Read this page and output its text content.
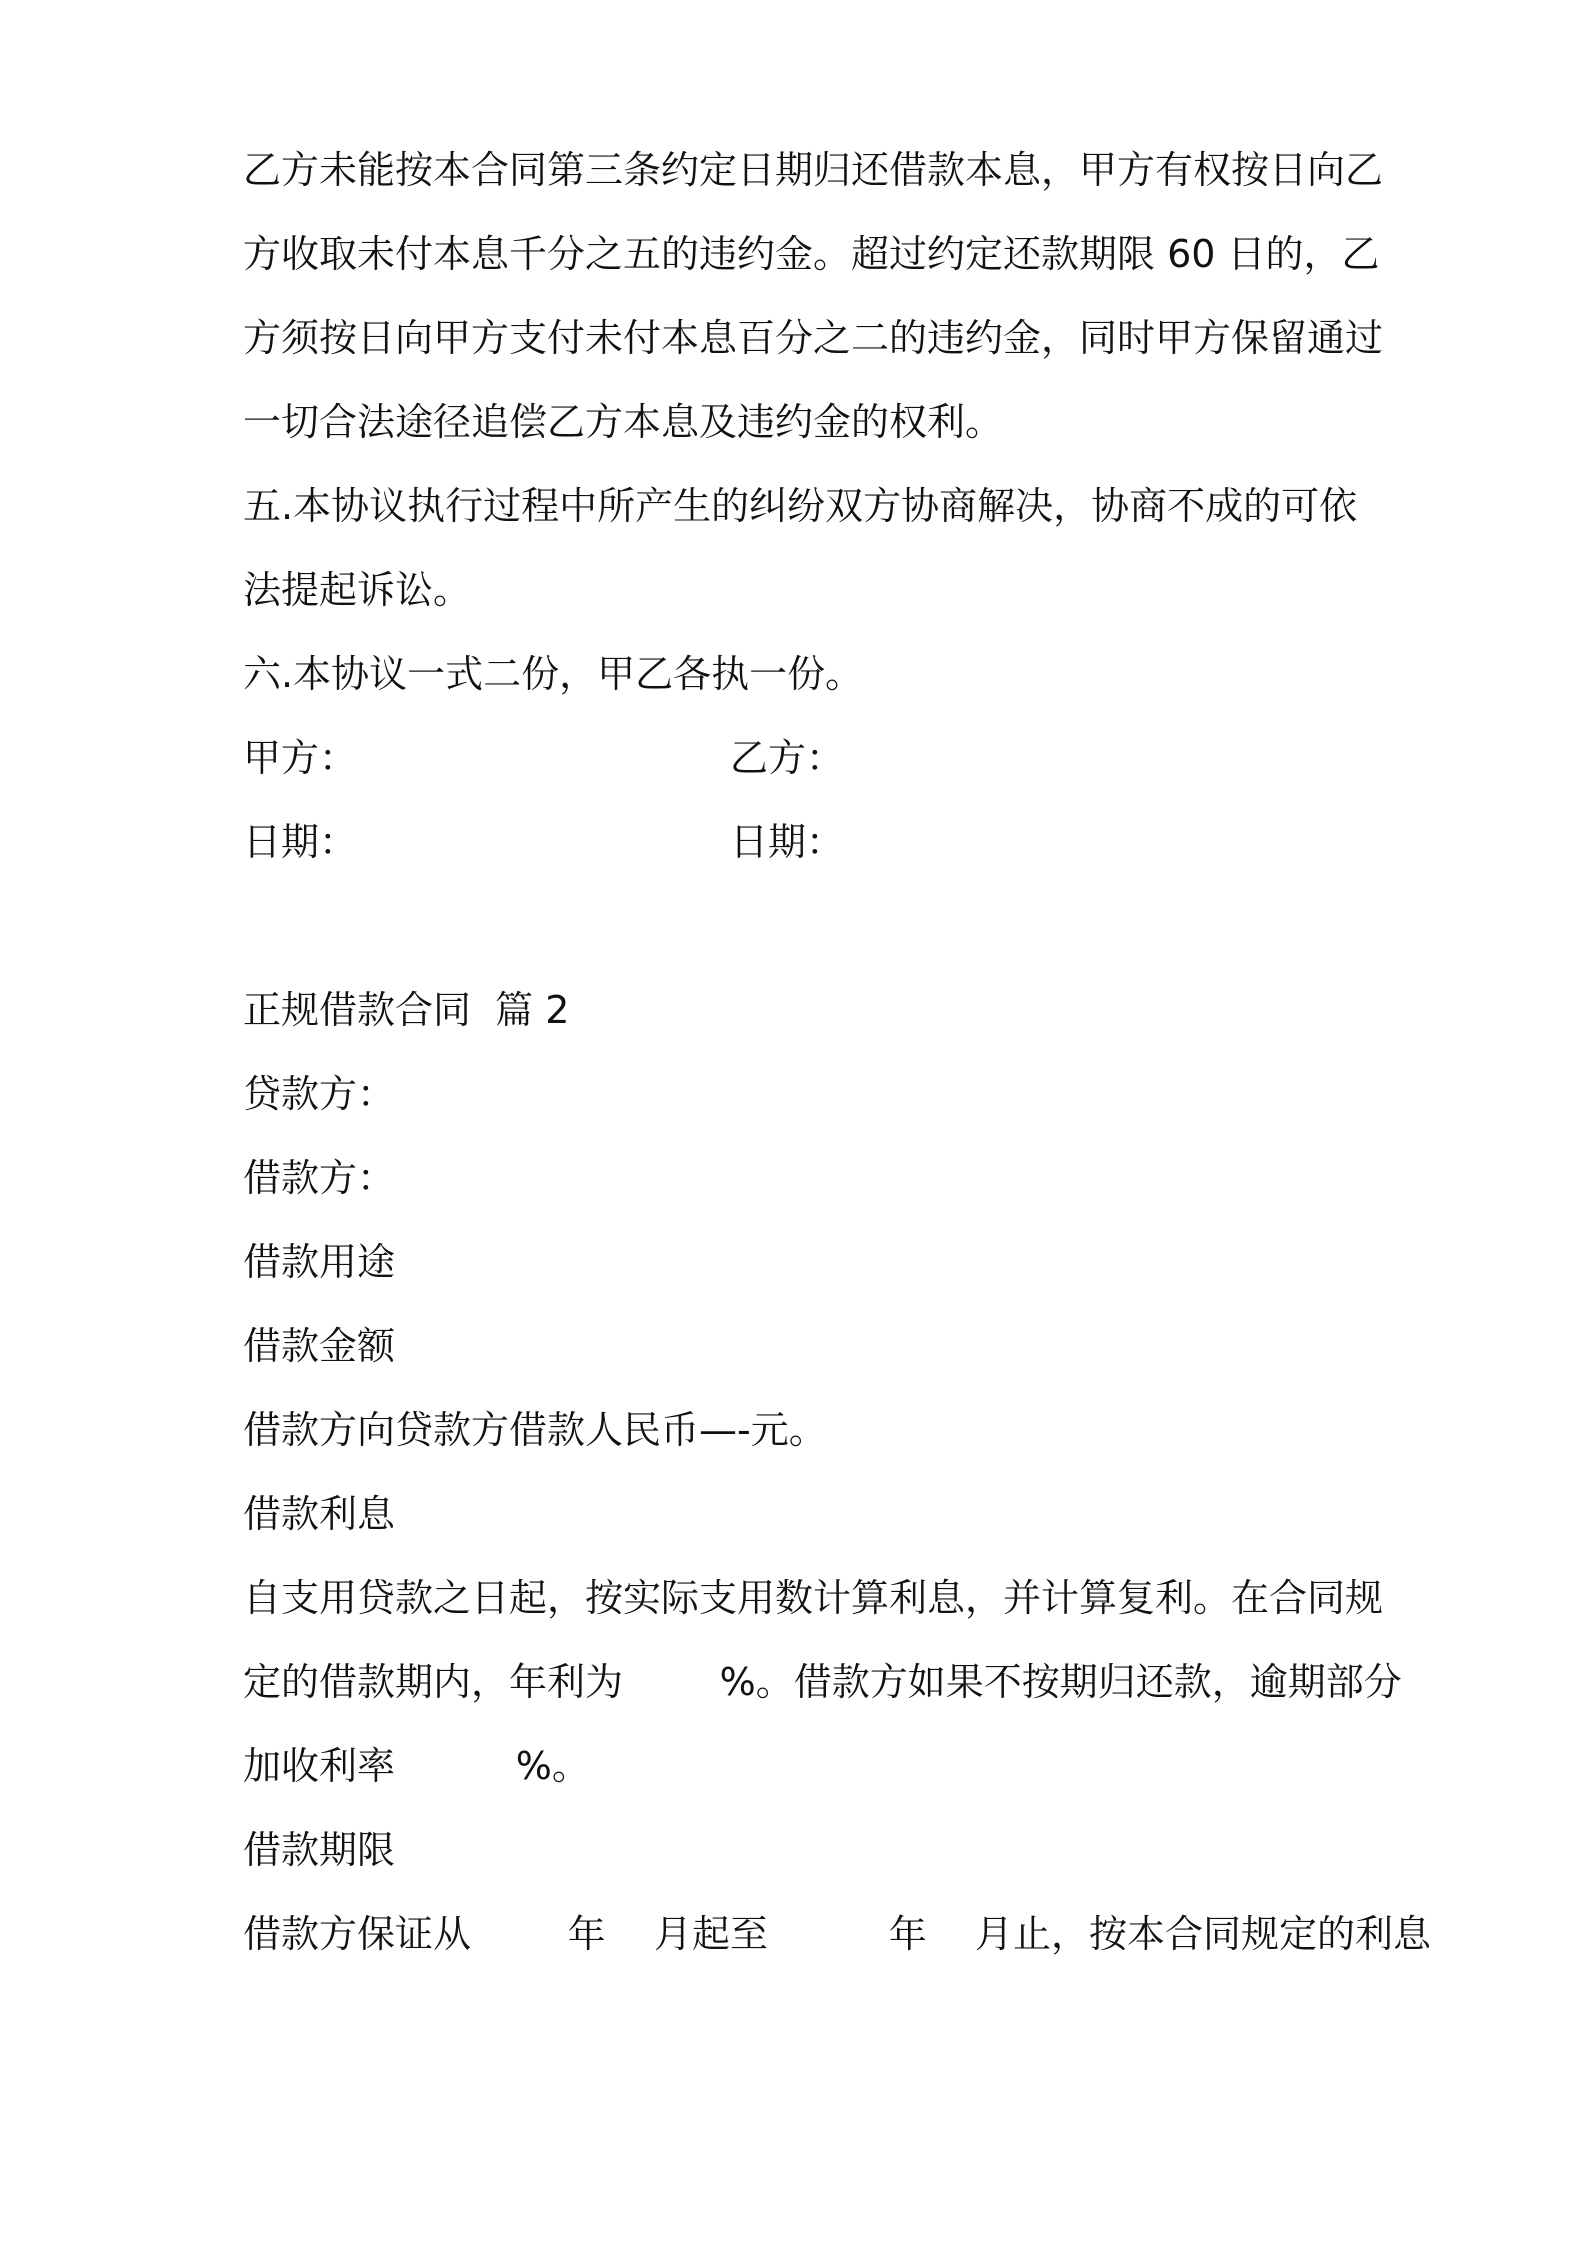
乙方未能按本合同第三条约定日期归还借款本息，甲方有权按日向乙
方收取未付本息千分之五的违约金。超过约定还款期限 60 日的，乙
方须按日向甲方支付未付本息百分之二的违约金，同时甲方保留通过
一切合法途径追偿乙方本息及违约金的权利。
五.本协议执行过程中所产生的纠纷双方协商解决，协商不成的可依
法提起诉讼。
六.本协议一式二份，甲乙各执一份。
甲方：	乙方：
日期：	日期：
正规借款合同  篇 2
贷款方：
借款方：
借款用途
借款金额
借款方向贷款方借款人民币—-元。
借款利息
自支用贷款之日起，按实际支用数计算利息，并计算复利。在合同规
定的借款期内，年利为        %。借款方如果不按期归还款，逾期部分
加收利率          %。
借款期限
借款方保证从        年    月起至          年    月止，按本合同规定的利息
